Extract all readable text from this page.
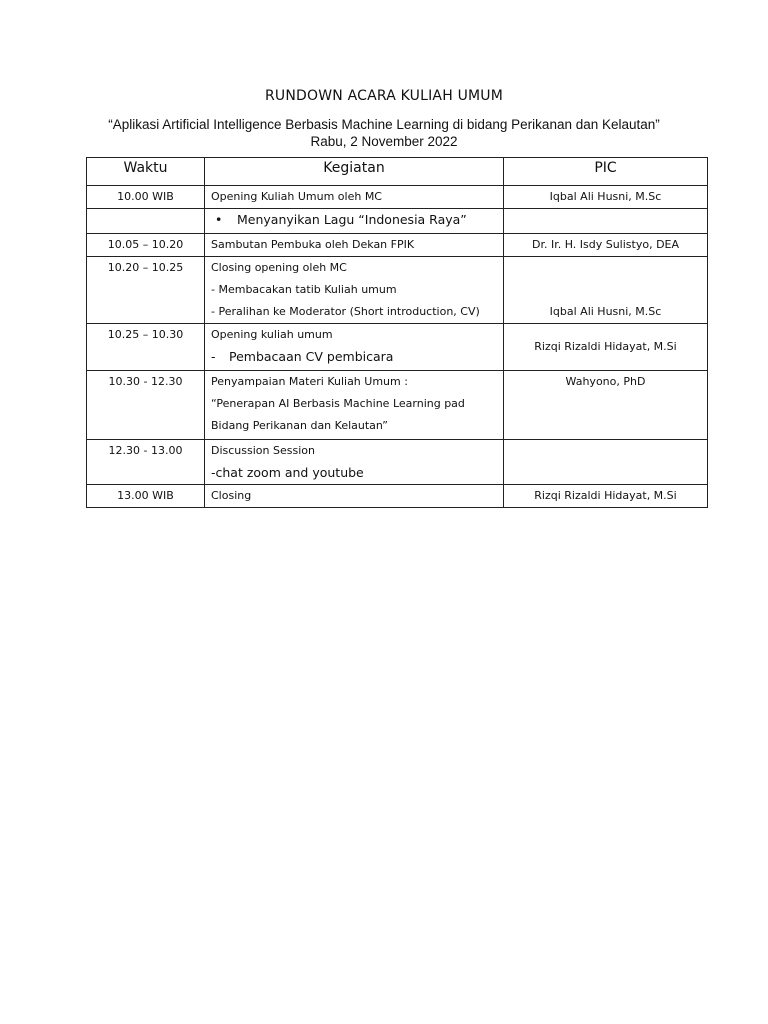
RUNDOWN ACARA KULIAH UMUM
“Aplikasi Artificial Intelligence Berbasis Machine Learning di bidang Perikanan dan Kelautan”
Rabu, 2 November 2022
Waktu	Kegiatan	PIC
10.00 WIB	Opening Kuliah Umum oleh MC	Iqbal Ali Husni, M.Sc

	• Menyanyikan Lagu “Indonesia Raya”	

10.05 – 10.20	Sambutan Pembuka oleh Dekan FPIK	Dr. Ir. H. Isdy Sulistyo, DEA
10.20 – 10.25	Closing opening oleh MC
- Membacakan tatib Kuliah umum
- Peralihan ke Moderator (Short introduction, CV)	Iqbal Ali Husni, M.Sc
10.25 – 10.30	Opening kuliah umum
- Pembacaan CV pembicara	Rizqi Rizaldi Hidayat, M.Si
10.30 - 12.30	Penyampaian Materi Kuliah Umum :
“Penerapan AI Berbasis Machine Learning pad
Bidang Perikanan dan Kelautan”	Wahyono, PhD
12.30 - 13.00	Discussion Session
-chat zoom and youtube	

13.00 WIB	Closing	Rizqi Rizaldi Hidayat, M.Si
